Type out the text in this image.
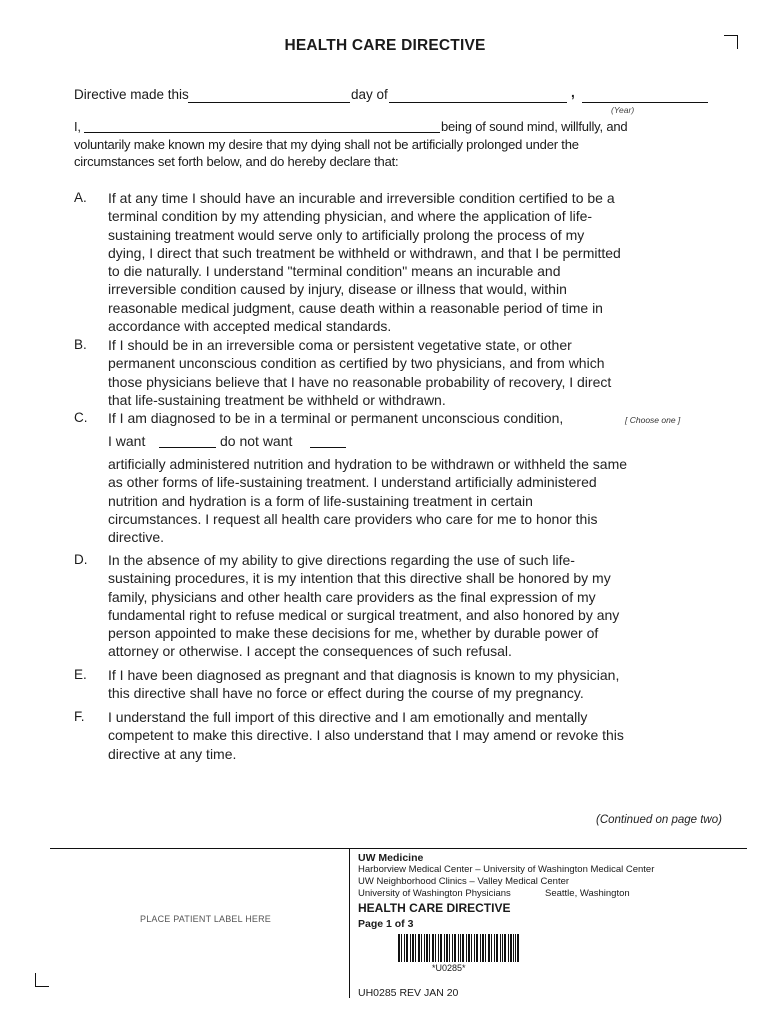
HEALTH CARE DIRECTIVE
Directive made this	day of	,
(Year)
I,	being of sound mind, willfully, and
voluntarily make known my desire that my dying shall not be artificially prolonged under the
circumstances set forth below, and do hereby declare that:
A. If at any time I should have an incurable and irreversible condition certified to be a
terminal condition by my attending physician, and where the application of life-
sustaining treatment would serve only to artificially prolong the process of my
dying, I direct that such treatment be withheld or withdrawn, and that I be permitted
to die naturally. I understand "terminal condition" means an incurable and
irreversible condition caused by injury, disease or illness that would, within
reasonable medical judgment, cause death within a reasonable period of time in
accordance with accepted medical standards.
B. If I should be in an irreversible coma or persistent vegetative state, or other
permanent unconscious condition as certified by two physicians, and from which
those physicians believe that I have no reasonable probability of recovery, I direct
that life-sustaining treatment be withheld or withdrawn.
C. If I am diagnosed to be in a terminal or permanent unconscious condition,	[ Choose one ]
I want	do not want
artificially administered nutrition and hydration to be withdrawn or withheld the same
as other forms of life-sustaining treatment. I understand artificially administered
nutrition and hydration is a form of life-sustaining treatment in certain
circumstances. I request all health care providers who care for me to honor this
directive.
D. In the absence of my ability to give directions regarding the use of such life-
sustaining procedures, it is my intention that this directive shall be honored by my
family, physicians and other health care providers as the final expression of my
fundamental right to refuse medical or surgical treatment, and also honored by any
person appointed to make these decisions for me, whether by durable power of
attorney or otherwise. I accept the consequences of such refusal.
E. If I have been diagnosed as pregnant and that diagnosis is known to my physician,
this directive shall have no force or effect during the course of my pregnancy.
F. I understand the full import of this directive and I am emotionally and mentally
competent to make this directive. I also understand that I may amend or revoke this
directive at any time.
(Continued on page two)
PLACE PATIENT LABEL HERE
UW Medicine
Harborview Medical Center – University of Washington Medical Center
UW Neighborhood Clinics – Valley Medical Center
University of Washington Physicians	Seattle, Washington
HEALTH CARE DIRECTIVE
Page 1 of 3
*U0285*
UH0285 REV JAN 20
